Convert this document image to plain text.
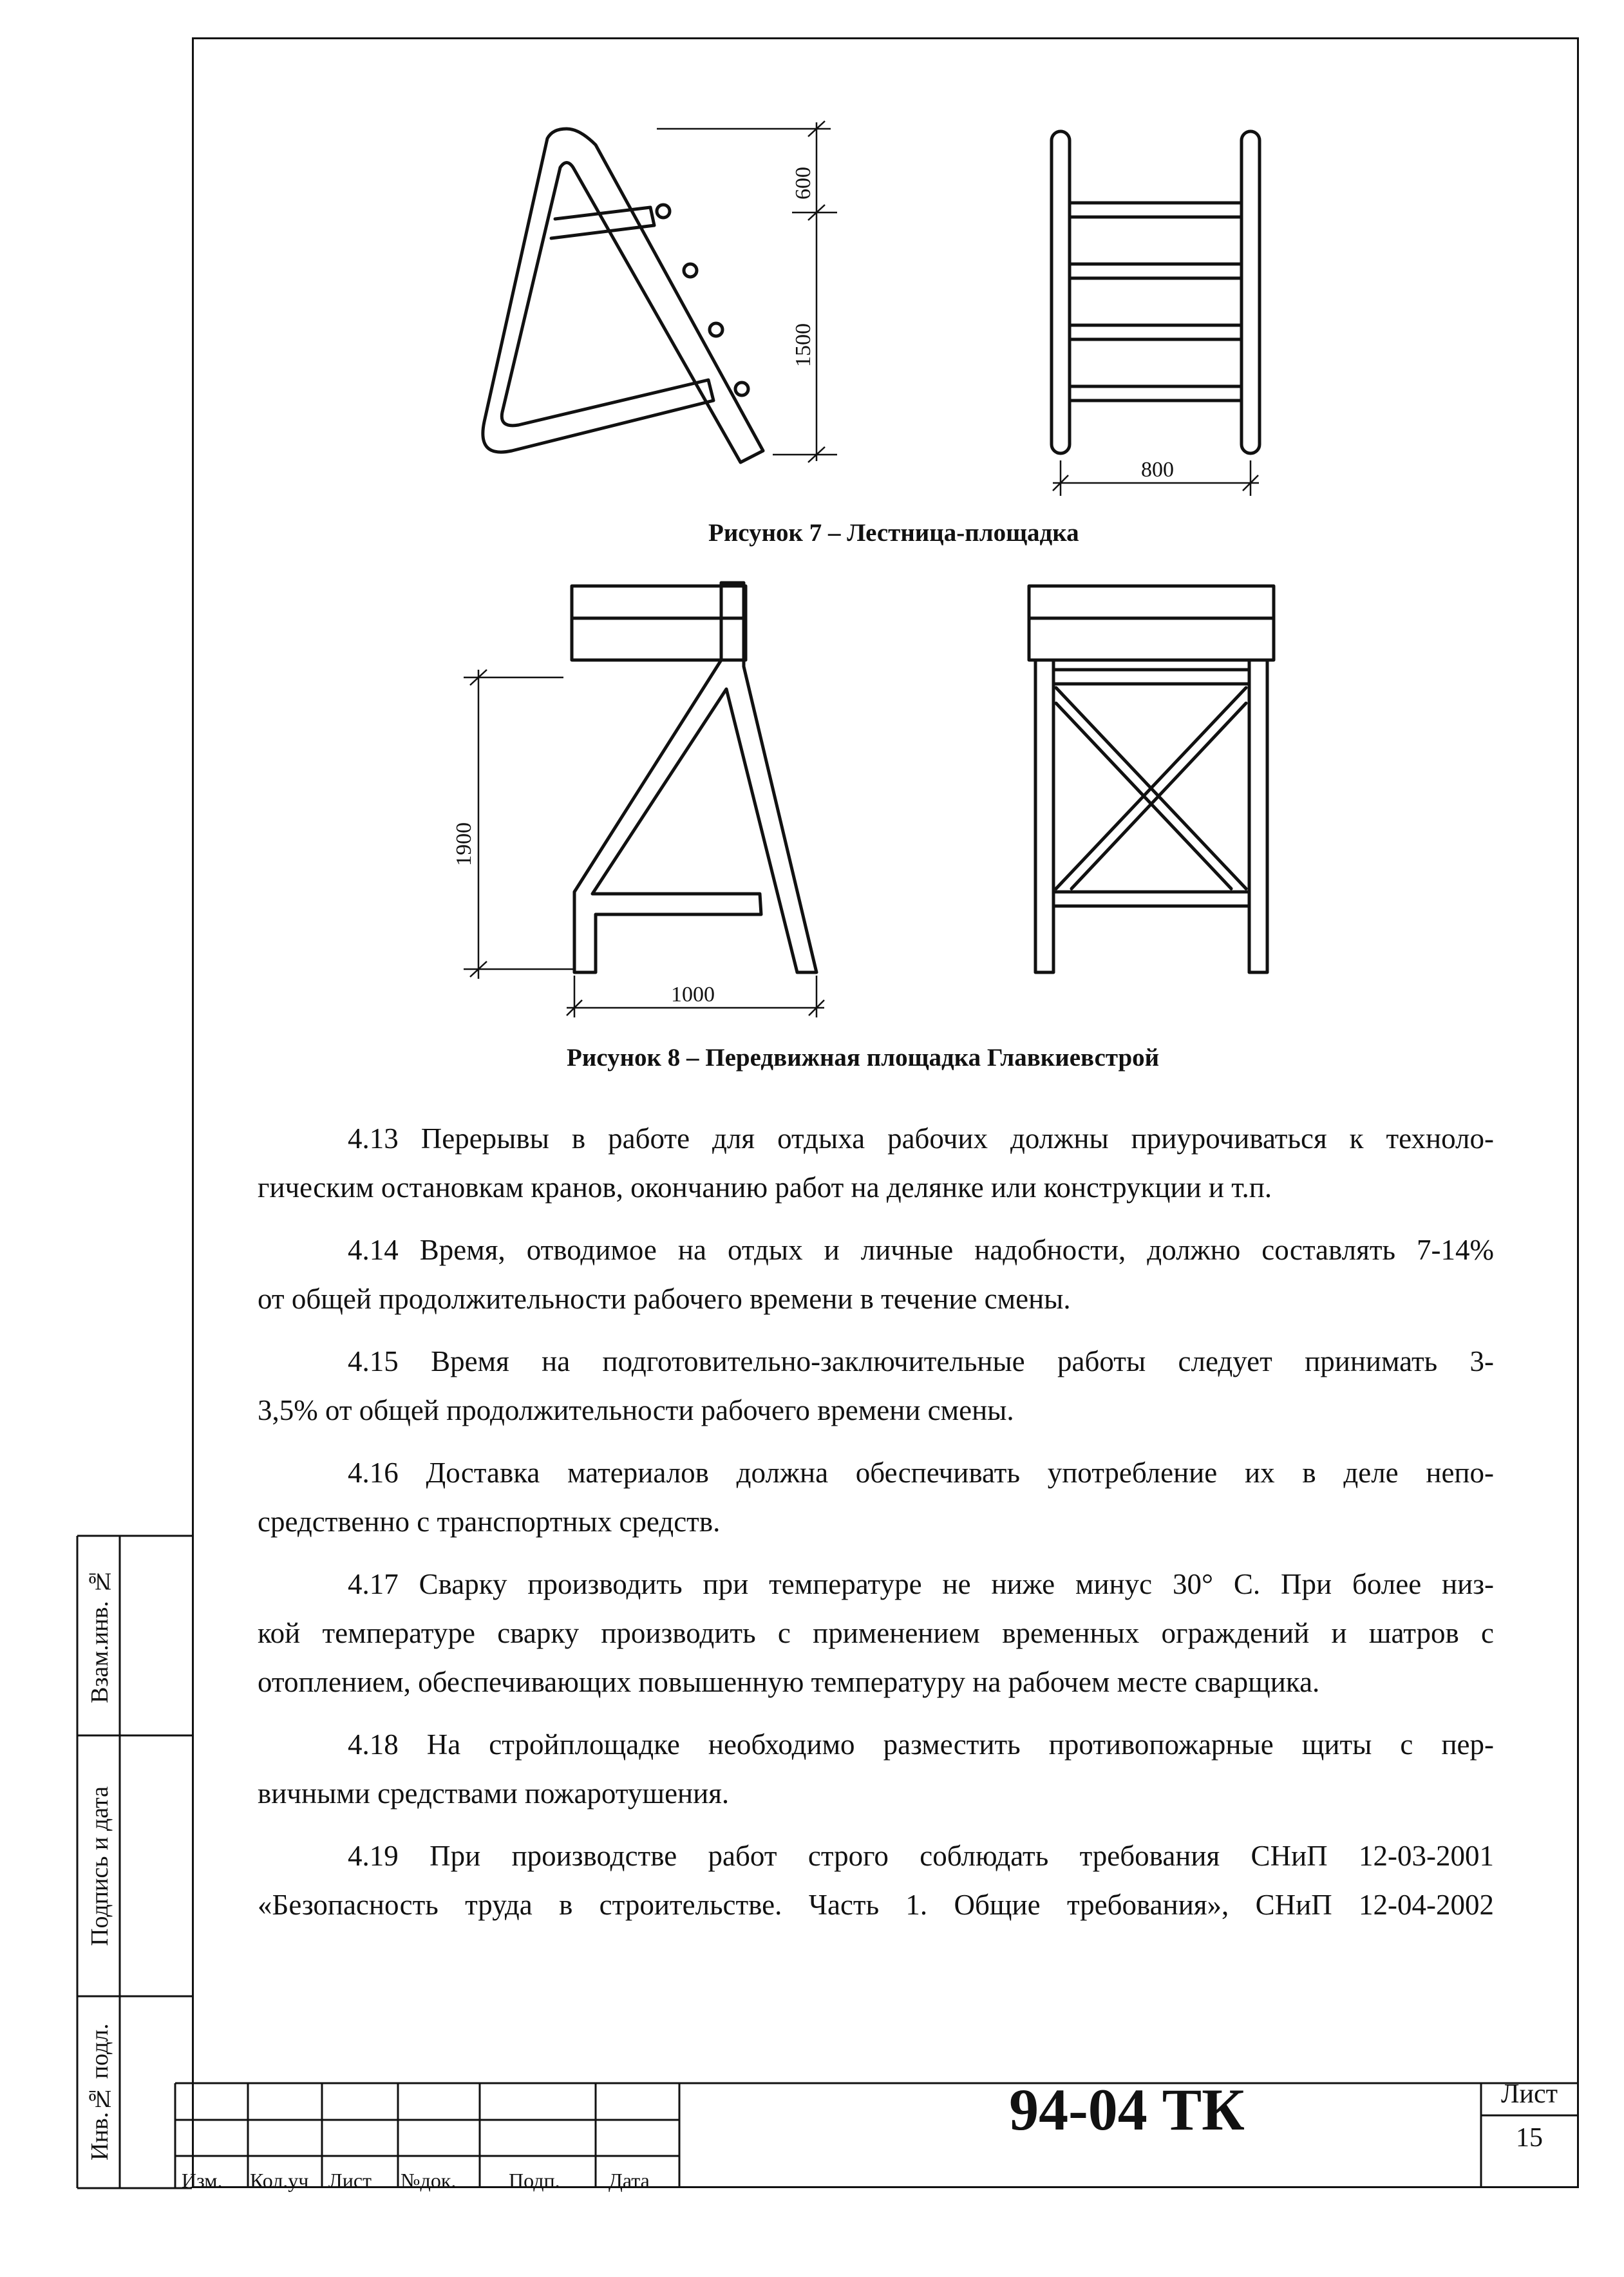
600
1500
800
1900
1000
Рисунок 7 – Лестница-площадка
Рисунок 8 – Передвижная площадка Главкиевстрой

4.13 Перерывы в работе для отдыха рабочих должны приурочиваться к техноло-

гическим остановкам кранов, окончанию работ на делянке или конструкции и т.п.

4.14 Время, отводимое на отдых и личные надобности, должно составлять 7-14%

от общей продолжительности рабочего времени в течение смены.

4.15 Время на подготовительно-заключительные работы следует принимать 3-

3,5% от общей продолжительности рабочего времени смены.

4.16 Доставка материалов должна обеспечивать употребление их в деле непо-

средственно с транспортных средств.

4.17 Сварку производить при температуре не ниже минус 30° С. При более низ-

кой температуре сварку производить с применением временных ограждений и шатров с

отоплением, обеспечивающих повышенную температуру на рабочем месте сварщика.

4.18 На стройплощадке необходимо разместить противопожарные щиты с пер-

вичными средствами пожаротушения.

4.19 При производстве работ строго соблюдать требования СНиП 12-03-2001

«Безопасность труда в строительстве. Часть 1. Общие требования», СНиП 12-04-2002

Взам.инв. №
Подпись и дата
Инв.№ подл.
Изм. Кол.уч Лист №док.	Подп. Дата
94-04 ТК	Лист
15
